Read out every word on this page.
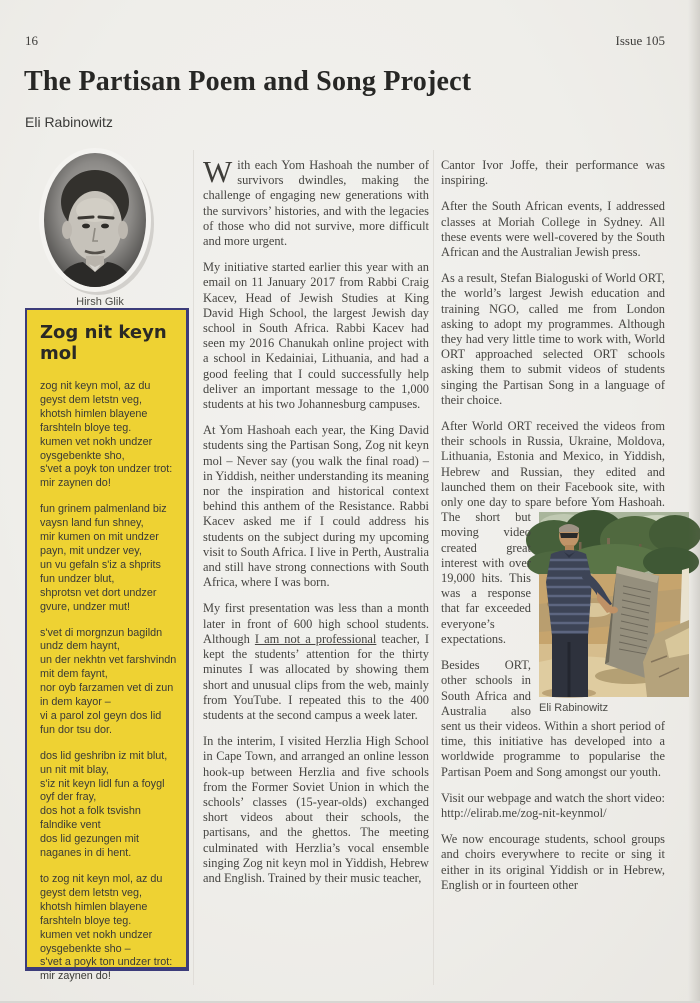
16	Issue 105
The Partisan Poem and Song Project
Eli Rabinowitz
Hirsh Glik
Zog nit keyn mol
zog nit keyn mol, az du
geyst dem letstn veg,
khotsh himlen blayene
farshteln bloye teg.
kumen vet nokh undzer
oysgebenkte sho,
s'vet a poyk ton undzer trot:
mir zaynen do!
fun grinem palmenland biz
vaysn land fun shney,
mir kumen on mit undzer
payn, mit undzer vey,
un vu gefaln s'iz a shprits
fun undzer blut,
shprotsn vet dort undzer
gvure, undzer mut!
s'vet di morgnzun bagildn
undz dem haynt,
un der nekhtn vet farshvindn
mit dem faynt,
nor oyb farzamen vet di zun
in dem kayor –
vi a parol zol geyn dos lid
fun dor tsu dor.
dos lid geshribn iz mit blut,
un nit mit blay,
s'iz nit keyn lidl fun a foygl
oyf der fray,
dos hot a folk tsvishn
falndike vent
dos lid gezungen mit
naganes in di hent.
to zog nit keyn mol, az du
geyst dem letstn veg,
khotsh himlen blayene
farshteln bloye teg.
kumen vet nokh undzer
oysgebenkte sho –
s'vet a poyk ton undzer trot:
mir zaynen do!

With each Yom Hashoah the number of survivors dwindles, making the challenge of engaging new generations with the survivors’ histories, and with the legacies of those who did not survive, more difficult and more urgent.

My initiative started earlier this year with an email on 11 January 2017 from Rabbi Craig Kacev, Head of Jewish Studies at King David High School, the largest Jewish day school in South Africa. Rabbi Kacev had seen my 2016 Chanukah online project with a school in Kedainiai, Lithuania, and had a good feeling that I could successfully help deliver an important message to the 1,000 students at his two Johannesburg campuses.

At Yom Hashoah each year, the King David students sing the Partisan Song, Zog nit keyn mol – Never say (you walk the final road) – in Yiddish, neither understanding its meaning nor the inspiration and historical context behind this anthem of the Resistance. Rabbi Kacev asked me if I could address his students on the subject during my upcoming visit to South Africa. I live in Perth, Australia and still have strong connections with South Africa, where I was born.

My first presentation was less than a month later in front of 600 high school students. Although I am not a professional teacher, I kept the students’ attention for the thirty minutes I was allocated by showing them short and unusual clips from the web, mainly from YouTube. I repeated this to the 400 students at the second campus a week later.

In the interim, I visited Herzlia High School in Cape Town, and arranged an online lesson hook-up between Herzlia and five schools from the Former Soviet Union in which the schools’ classes (15-year-olds) exchanged short videos about their schools, the partisans, and the ghettos. The meeting culminated with Herzlia’s vocal ensemble singing Zog nit keyn mol in Yiddish, Hebrew and English. Trained by their music teacher,

Cantor Ivor Joffe, their performance was inspiring.

After the South African events, I addressed classes at Moriah College in Sydney. All these events were well-covered by the South African and the Australian Jewish press.

As a result, Stefan Bialoguski of World ORT, the world’s largest Jewish education and training NGO, called me from London asking to adopt my programmes. Although they had very little time to work with, World ORT approached selected ORT schools asking them to submit videos of students singing the Partisan Song in a language of their choice.

After World ORT received the videos from their schools in Russia, Ukraine, Moldova, Lithuania, Estonia and Mexico, in Yiddish, Hebrew and Russian, they edited and launched them on their Facebook site, with only one day to spare before Yom
Eli Rabinowitz
Hashoah. The short but moving video created great interest with over 19,000 hits. This was a response that far exceeded everyone’s expectations.

Besides ORT, other schools in South Africa and Australia also sent us their videos. Within a short period of time, this initiative has developed into a worldwide programme to popularise the Partisan Poem and Song amongst our youth.

Visit our webpage and watch the short video:
http://elirab.me/zog-nit-keynmol/

We now encourage students, school groups and choirs everywhere to recite or sing it either in its original Yiddish or in Hebrew, English or in fourteen other
